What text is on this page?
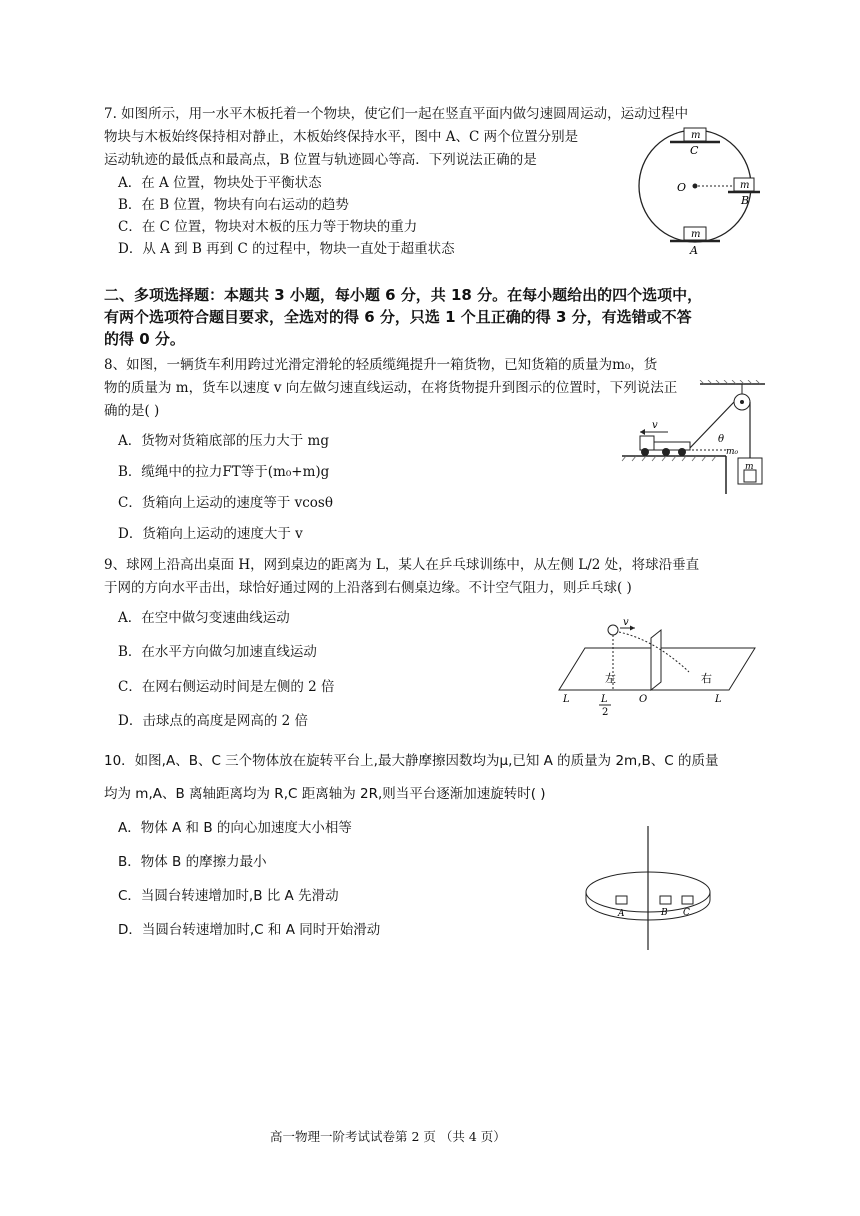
7. 如图所示，用一水平木板托着一个物块，使它们一起在竖直平面内做匀速圆周运动，运动过程中
物块与木板始终保持相对静止，木板始终保持水平，图中 A、C 两个位置分别是
运动轨迹的最低点和最高点，B 位置与轨迹圆心等高．下列说法正确的是
A．在 A 位置，物块处于平衡状态
B．在 B 位置，物块有向右运动的趋势
C．在 C 位置，物块对木板的压力等于物块的重力
D．从 A 到 B 再到 C 的过程中，物块一直处于超重状态
m
C
O	m
B
m
A
二、多项选择题：本题共 3 小题，每小题 6 分，共 18 分。在每小题给出的四个选项中，
有两个选项符合题目要求，全选对的得 6 分，只选 1 个且正确的得 3 分，有选错或不答
的得 0 分。
8、如图，一辆货车利用跨过光滑定滑轮的轻质缆绳提升一箱货物，已知货箱的质量为m₀，货
物的质量为 m，货车以速度 v 向左做匀速直线运动，在将货物提升到图示的位置时，下列说法正
确的是( )
A．货物对货箱底部的压力大于 mg
B．缆绳中的拉力FT等于(m₀+m)g
C．货箱向上运动的速度等于 vcosθ
D．货箱向上运动的速度大于 v
θ
m₀
v
m
9、球网上沿高出桌面 H，网到桌边的距离为 L，某人在乒乓球训练中，从左侧 L/2 处，将球沿垂直
于网的方向水平击出，球恰好通过网的上沿落到右侧桌边缘。不计空气阻力，则乒乓球( )
A．在空中做匀变速曲线运动
B．在水平方向做匀加速直线运动
C．在网右侧运动时间是左侧的 2 倍
D．击球点的高度是网高的 2 倍
v
左	右
L	L
2
O	L
10．如图,A、B、C 三个物体放在旋转平台上,最大静摩擦因数均为μ,已知 A 的质量为 2m,B、C 的质量
均为 m,A、B 离轴距离均为 R,C 距离轴为 2R,则当平台逐渐加速旋转时( )
A．物体 A 和 B 的向心加速度大小相等
B．物体 B 的摩擦力最小
C．当圆台转速增加时,B 比 A 先滑动
D．当圆台转速增加时,C 和 A 同时开始滑动
A	B C
高一物理一阶考试试卷第 2 页 （共 4 页）
